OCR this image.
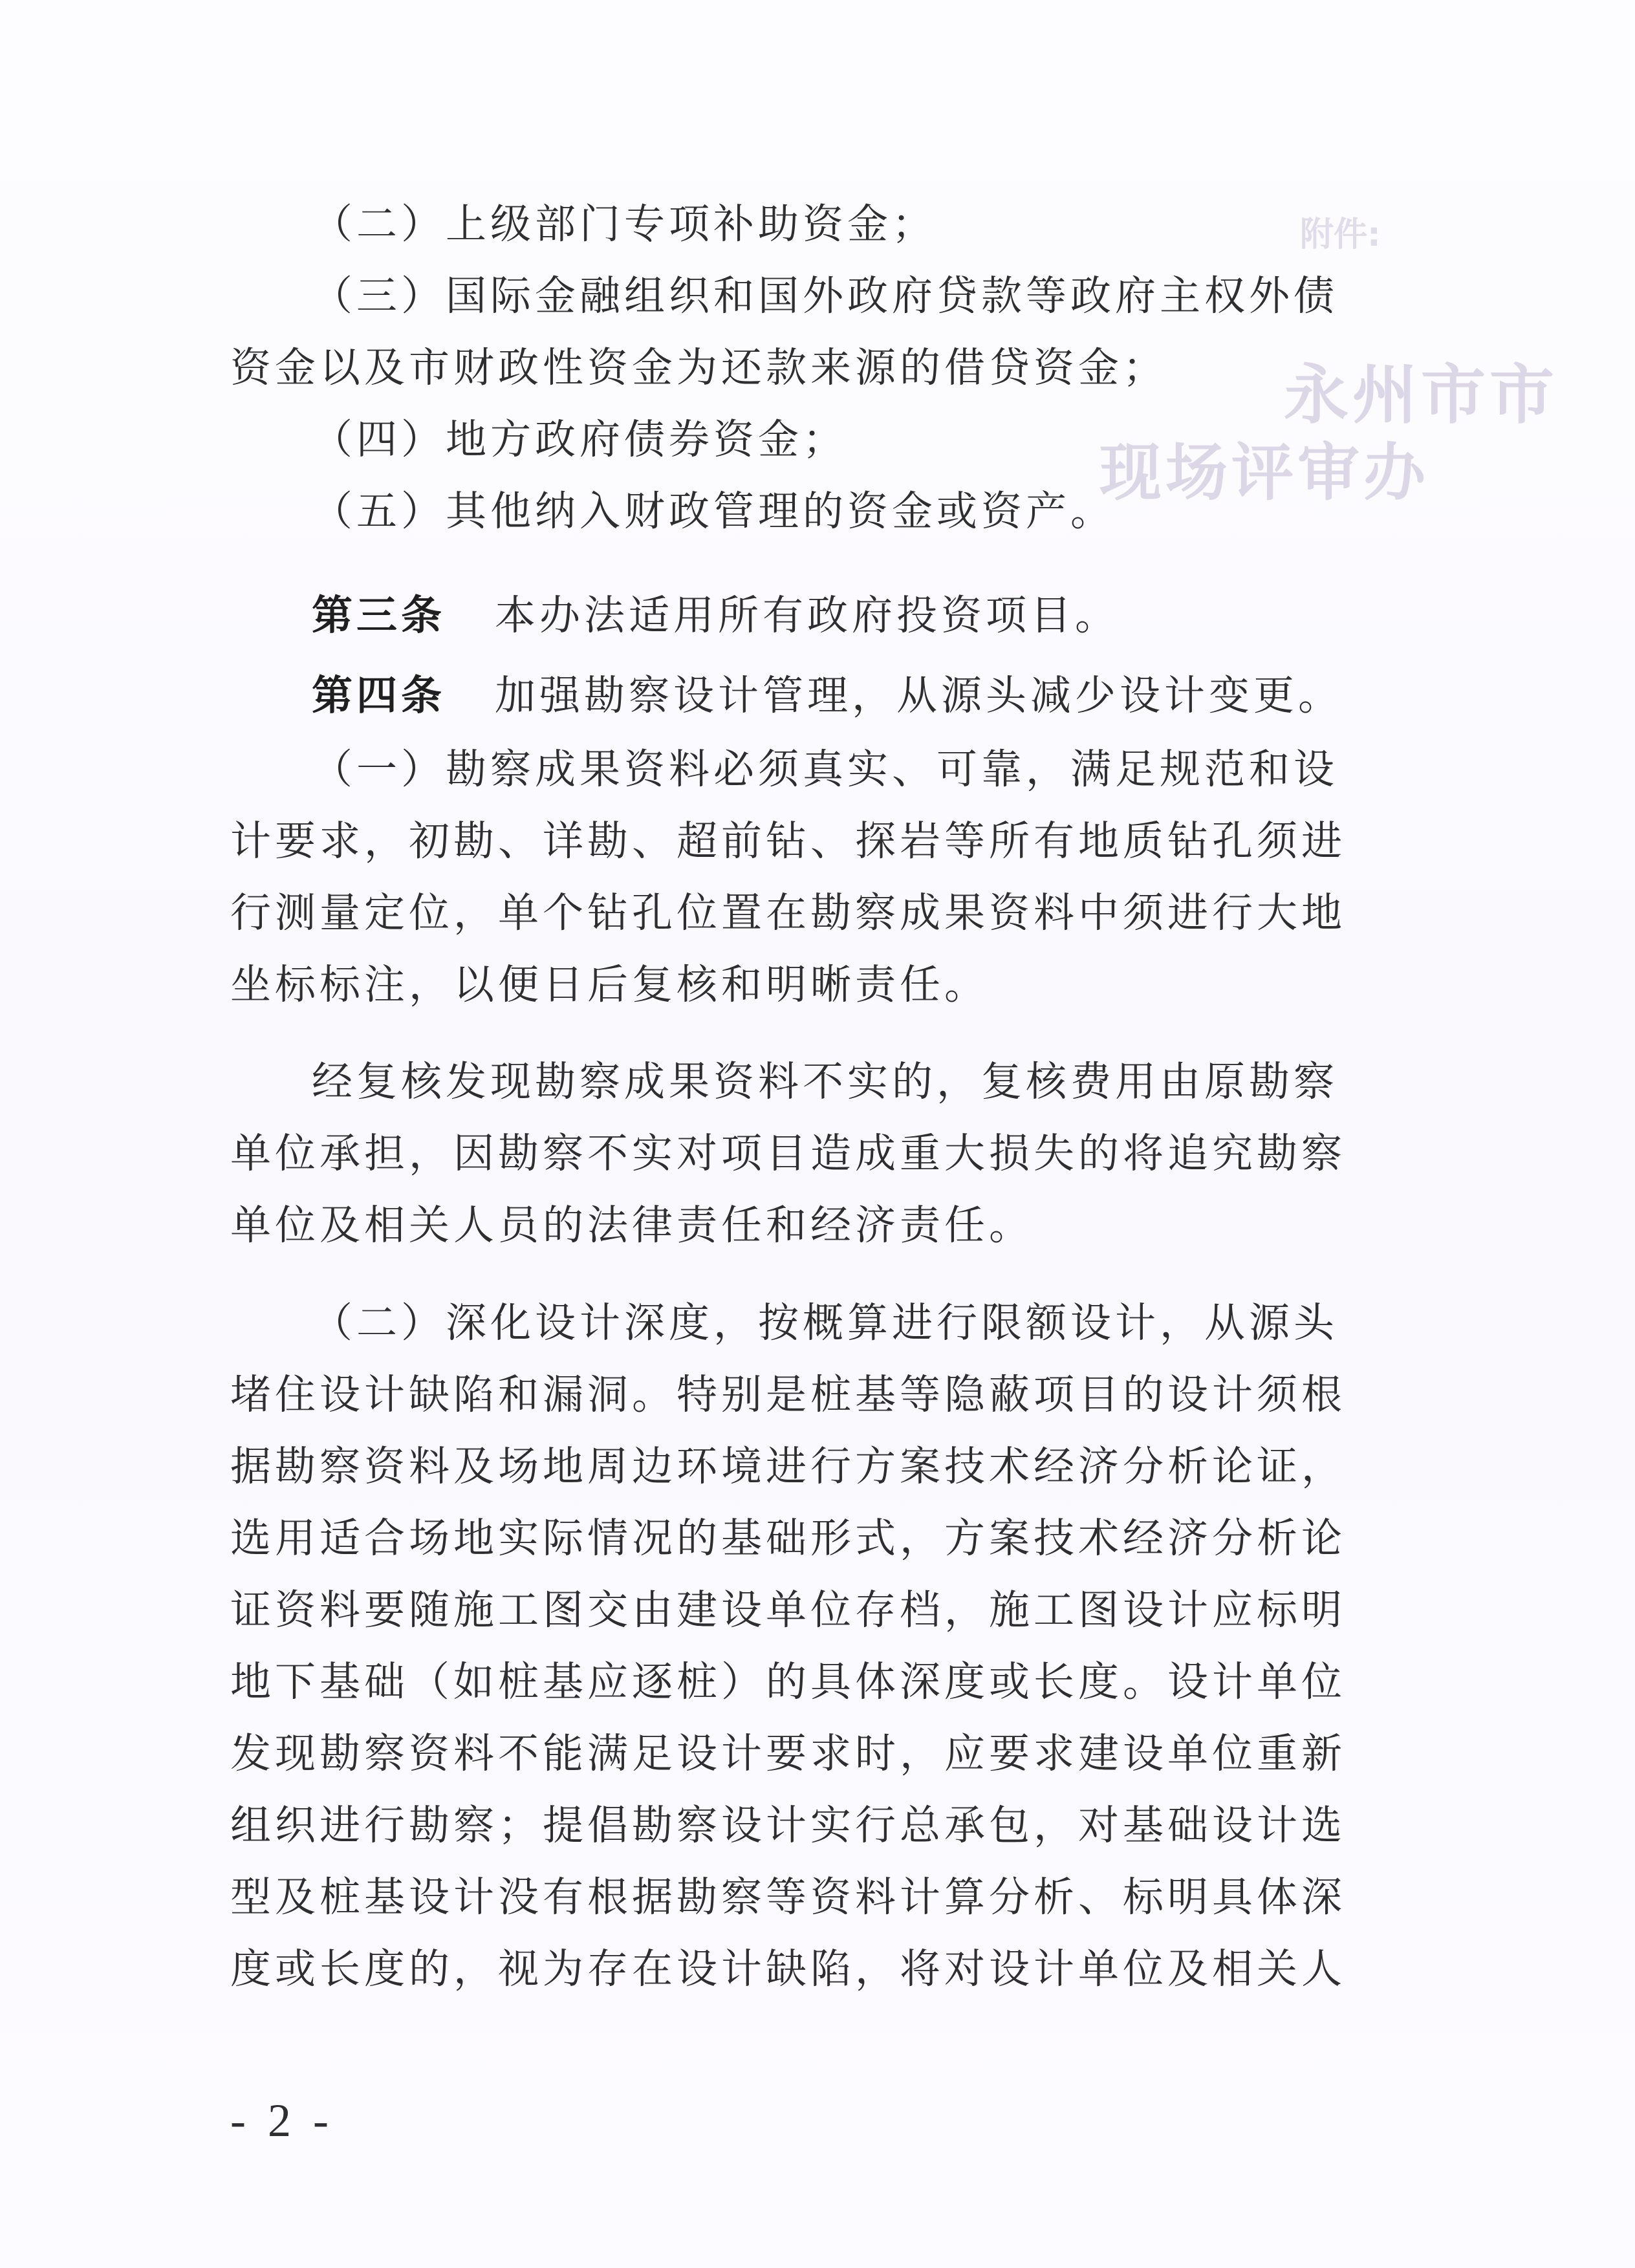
附件:
永州市市
现场评审办
（二）上级部门专项补助资金；
（三）国际金融组织和国外政府贷款等政府主权外债
资金以及市财政性资金为还款来源的借贷资金；
（四）地方政府债券资金；
（五）其他纳入财政管理的资金或资产。
第三条 本办法适用所有政府投资项目。
第四条 加强勘察设计管理，从源头减少设计变更。
（一）勘察成果资料必须真实、可靠，满足规范和设
计要求，初勘、详勘、超前钻、探岩等所有地质钻孔须进
行测量定位，单个钻孔位置在勘察成果资料中须进行大地
坐标标注，以便日后复核和明晰责任。
经复核发现勘察成果资料不实的，复核费用由原勘察
单位承担，因勘察不实对项目造成重大损失的将追究勘察
单位及相关人员的法律责任和经济责任。
（二）深化设计深度，按概算进行限额设计，从源头
堵住设计缺陷和漏洞。特别是桩基等隐蔽项目的设计须根
据勘察资料及场地周边环境进行方案技术经济分析论证，
选用适合场地实际情况的基础形式，方案技术经济分析论
证资料要随施工图交由建设单位存档，施工图设计应标明
地下基础（如桩基应逐桩）的具体深度或长度。设计单位
发现勘察资料不能满足设计要求时，应要求建设单位重新
组织进行勘察；提倡勘察设计实行总承包，对基础设计选
型及桩基设计没有根据勘察等资料计算分析、标明具体深
度或长度的，视为存在设计缺陷，将对设计单位及相关人
- 2 -
